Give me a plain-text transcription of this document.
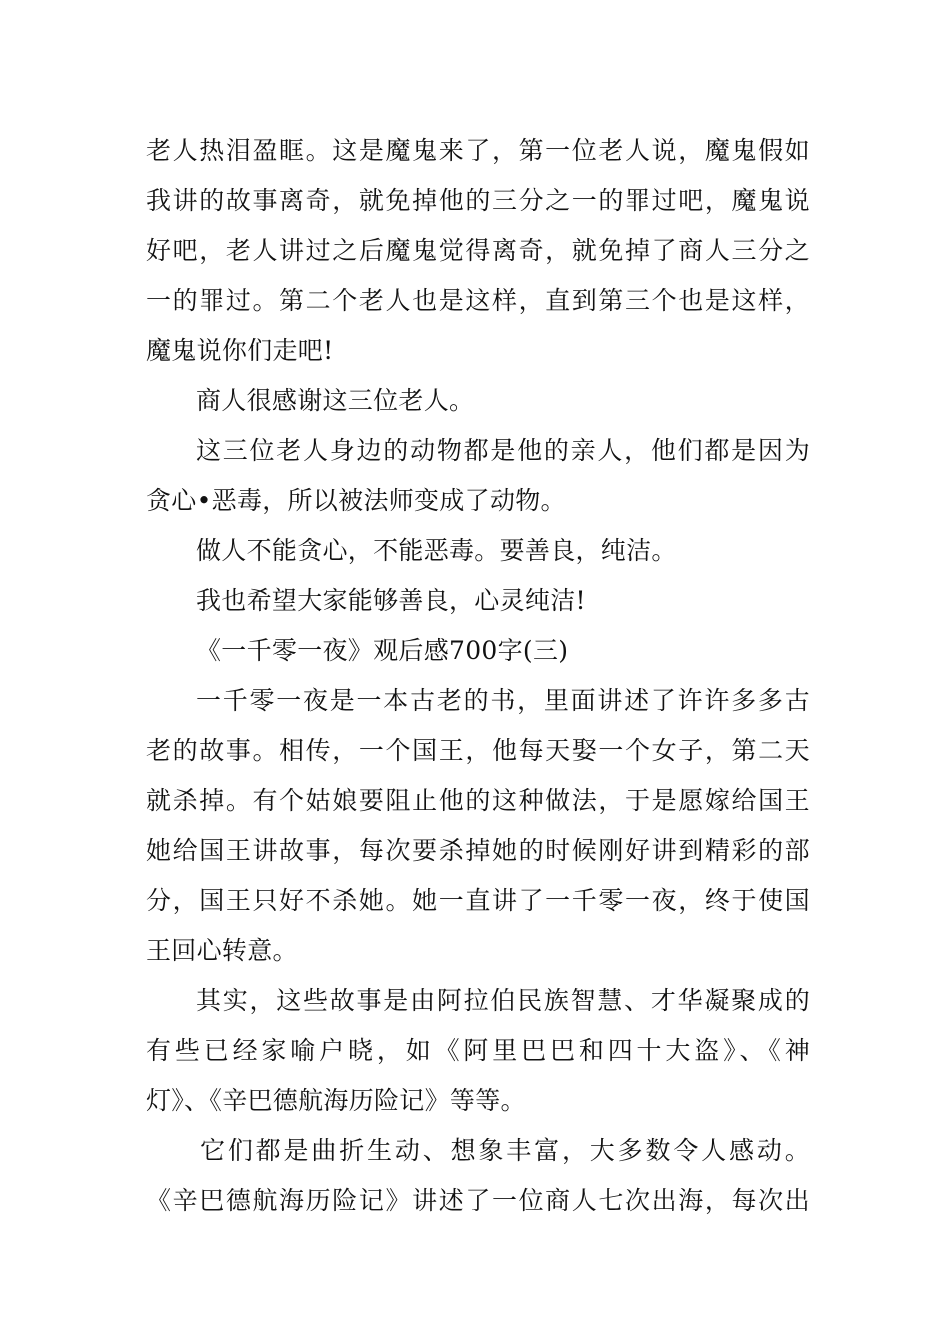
老人热泪盈眶。这是魔鬼来了，第一位老人说，魔鬼假如
我讲的故事离奇，就免掉他的三分之一的罪过吧，魔鬼说
好吧，老人讲过之后魔鬼觉得离奇，就免掉了商人三分之
一的罪过。第二个老人也是这样，直到第三个也是这样，
魔鬼说你们走吧!
商人很感谢这三位老人。
这三位老人身边的动物都是他的亲人，他们都是因为
贪心•恶毒，所以被法师变成了动物。
做人不能贪心，不能恶毒。要善良，纯洁。
我也希望大家能够善良，心灵纯洁!
《一千零一夜》观后感700字(三)
一千零一夜是一本古老的书，里面讲述了许许多多古
老的故事。相传，一个国王，他每天娶一个女子，第二天
就杀掉。有个姑娘要阻止他的这种做法，于是愿嫁给国王
她给国王讲故事，每次要杀掉她的时候刚好讲到精彩的部
分，国王只好不杀她。她一直讲了一千零一夜，终于使国
王回心转意。
其实，这些故事是由阿拉伯民族智慧、才华凝聚成的
有些已经家喻户晓，如《阿里巴巴和四十大盗》、《神
灯》、《辛巴德航海历险记》等等。
它们都是曲折生动、想象丰富，大多数令人感动。
《辛巴德航海历险记》讲述了一位商人七次出海，每次出
